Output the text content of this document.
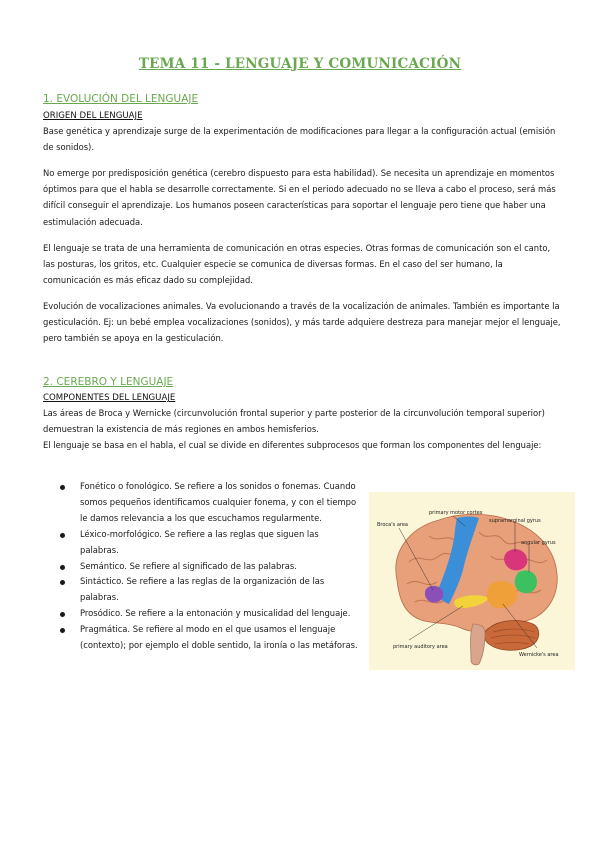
TEMA 11 - LENGUAJE Y COMUNICACIÓN
1. EVOLUCIÓN DEL LENGUAJE
ORIGEN DEL LENGUAJE

Base genética y aprendizaje surge de la experimentación de modificaciones para llegar a la configuración actual (emisión de sonidos).

No emerge por predisposición genética (cerebro dispuesto para esta habilidad). Se necesita un aprendizaje en momentos óptimos para que el habla se desarrolle correctamente. Si en el periodo adecuado no se lleva a cabo el proceso, será más difícil conseguir el aprendizaje. Los humanos poseen características para soportar el lenguaje pero tiene que haber una estimulación adecuada.

El lenguaje se trata de una herramienta de comunicación en otras especies. Otras formas de comunicación son el canto, las posturas, los gritos, etc. Cualquier especie se comunica de diversas formas. En el caso del ser humano, la comunicación es más eficaz dado su complejidad.

Evolución de vocalizaciones animales. Va evolucionando a través de la vocalización de animales. También es importante la gesticulación. Ej: un bebé emplea vocalizaciones (sonidos), y más tarde adquiere destreza para manejar mejor el lenguaje, pero también se apoya en la gesticulación.

2. CEREBRO Y LENGUAJE
COMPONENTES DEL LENGUAJE

Las áreas de Broca y Wernicke (circunvolución frontal superior y parte posterior de la circunvolución temporal superior) demuestran la existencia de más regiones en ambos hemisferios.

El lenguaje se basa en el habla, el cual se divide en diferentes subprocesos que forman los componentes del lenguaje:

Fonético o fonológico. Se refiere a los sonidos o fonemas. Cuando somos pequeños identificamos cualquier fonema, y con el tiempo le damos relevancia a los que escuchamos regularmente.
Léxico-morfológico. Se refiere a las reglas que siguen las palabras.
Semántico. Se refiere al significado de las palabras.
Sintáctico. Se refiere a las reglas de la organización de las palabras.
Prosódico. Se refiere a la entonación y musicalidad del lenguaje.
Pragmática. Se refiere al modo en el que usamos el lenguaje (contexto); por ejemplo el doble sentido, la ironía o las metáforas.
Broca's area
primary motor cortex
supramarginal gyrus
angular gyrus
primary auditory area
Wernicke's area
